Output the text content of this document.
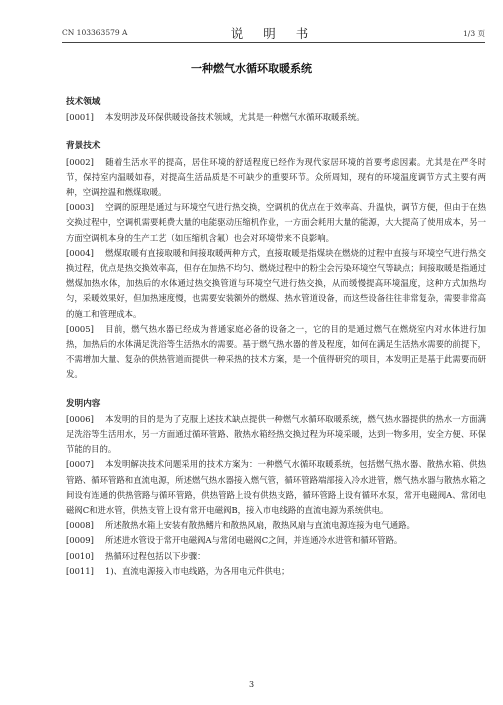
CN 103363579 A	说 明 书	1/3 页
一种燃气水循环取暖系统

技术领域

[0001] 本发明涉及环保供暖设备技术领域，尤其是一种燃气水循环取暖系统。

背景技术

[0002] 随着生活水平的提高，居住环境的舒适程度已经作为现代家居环境的首要考虑因素。尤其是在严冬时节，保持室内温暖如春，对提高生活品质是不可缺少的重要环节。众所周知，现有的环境温度调节方式主要有两种，空调控温和燃煤取暖。

[0003] 空调的原理是通过与环境空气进行热交换，空调机的优点在于效率高、升温快，调节方便，但由于在热交换过程中，空调机需要耗费大量的电能驱动压缩机作业，一方面会耗用大量的能源，大大提高了使用成本，另一方面空调机本身的生产工艺（如压缩机含氟）也会对环境带来不良影响。

[0004] 燃煤取暖有直接取暖和间接取暖两种方式，直接取暖是指煤块在燃烧的过程中直接与环境空气进行热交换过程，优点是热交换效率高，但存在加热不均匀、燃烧过程中的粉尘会污染环境空气等缺点；间接取暖是指通过燃煤加热水体，加热后的水体通过热交换管道与环境空气进行热交换，从而缓慢提高环境温度，这种方式加热均匀，采暖效果好，但加热速度慢，也需要安装额外的燃煤、热水管道设备，而这些设备往往非常复杂，需要非常高的施工和管理成本。

[0005] 目前，燃气热水器已经成为普通家庭必备的设备之一，它的目的是通过燃气在燃烧室内对水体进行加热，加热后的水体满足洗浴等生活热水的需要。基于燃气热水器的普及程度，如何在满足生活热水需要的前提下，不需增加大量、复杂的供热管道而提供一种采热的技术方案，是一个值得研究的项目，本发明正是基于此需要而研发。

发明内容

[0006] 本发明的目的是为了克服上述技术缺点提供一种燃气水循环取暖系统，燃气热水器提供的热水一方面满足洗浴等生活用水，另一方面通过循环管路、散热水箱经热交换过程为环境采暖，达到一物多用，安全方便、环保节能的目的。

[0007] 本发明解决技术问题采用的技术方案为：一种燃气水循环取暖系统，包括燃气热水器、散热水箱、供热管路、循环管路和直流电源，所述燃气热水器接入燃气管，循环管路端部接入冷水进管，燃气热水器与散热水箱之间设有连通的供热管路与循环管路，供热管路上设有供热支路，循环管路上设有循环水泵，常开电磁阀A、常闭电磁阀C和进水管，供热支管上设有常开电磁阀B，接入市电线路的直流电源为系统供电。

[0008] 所述散热水箱上安装有散热鳍片和散热风扇，散热风扇与直流电源连接为电气通路。

[0009] 所述进水管设于常开电磁阀A与常闭电磁阀C之间，并连通冷水进管和循环管路。

[0010] 热循环过程包括以下步骤：

[0011] 1)、直流电源接入市电线路，为各用电元件供电；

3
